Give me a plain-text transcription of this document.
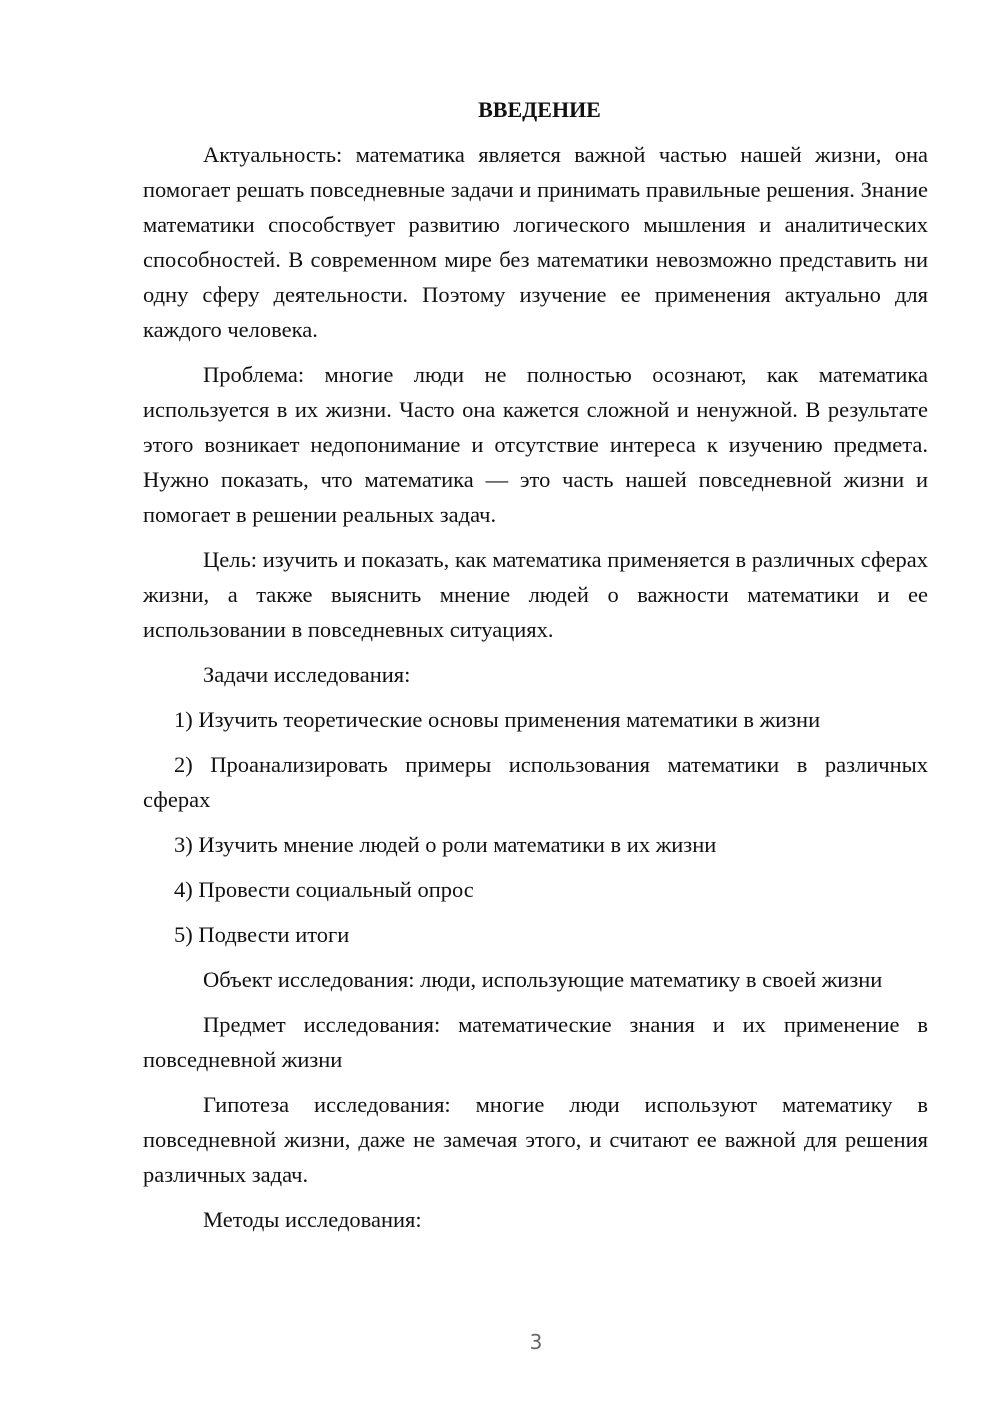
ВВЕДЕНИЕ

Актуальность: математика является важной частью нашей жизни, она помогает решать повседневные задачи и принимать правильные решения. Знание математики способствует развитию логического мышления и аналитических способностей. В современном мире без математики невозможно представить ни одну сферу деятельности. Поэтому изучение ее применения актуально для каждого человека.

Проблема: многие люди не полностью осознают, как математика используется в их жизни. Часто она кажется сложной и ненужной. В результате этого возникает недопонимание и отсутствие интереса к изучению предмета. Нужно показать, что математика — это часть нашей повседневной жизни и помогает в решении реальных задач.

Цель: изучить и показать, как математика применяется в различных сферах жизни, а также выяснить мнение людей о важности математики и ее использовании в повседневных ситуациях.

Задачи исследования:

1) Изучить теоретические основы применения математики в жизни

2) Проанализировать примеры использования математики в различных сферах

3) Изучить мнение людей о роли математики в их жизни

4) Провести социальный опрос

5) Подвести итоги

Объект исследования: люди, использующие математику в своей жизни

Предмет исследования: математические знания и их применение в повседневной жизни

Гипотеза исследования: многие люди используют математику в повседневной жизни, даже не замечая этого, и считают ее важной для решения различных задач.

Методы исследования:

3
